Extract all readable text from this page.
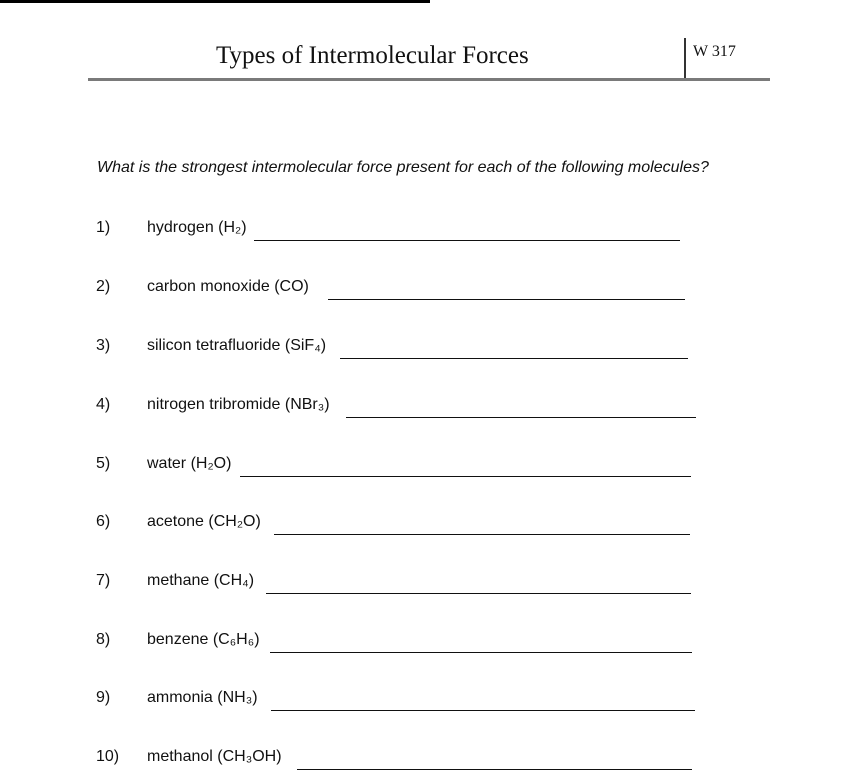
Types of Intermolecular Forces	W 317
What is the strongest intermolecular force present for each of the following molecules?
1) hydrogen (H₂)
2) carbon monoxide (CO)
3) silicon tetrafluoride (SiF₄)
4) nitrogen tribromide (NBr₃)
5) water (H₂O)
6) acetone (CH₂O)
7) methane (CH₄)
8) benzene (C₆H₆)
9) ammonia (NH₃)
10) methanol (CH₃OH)
